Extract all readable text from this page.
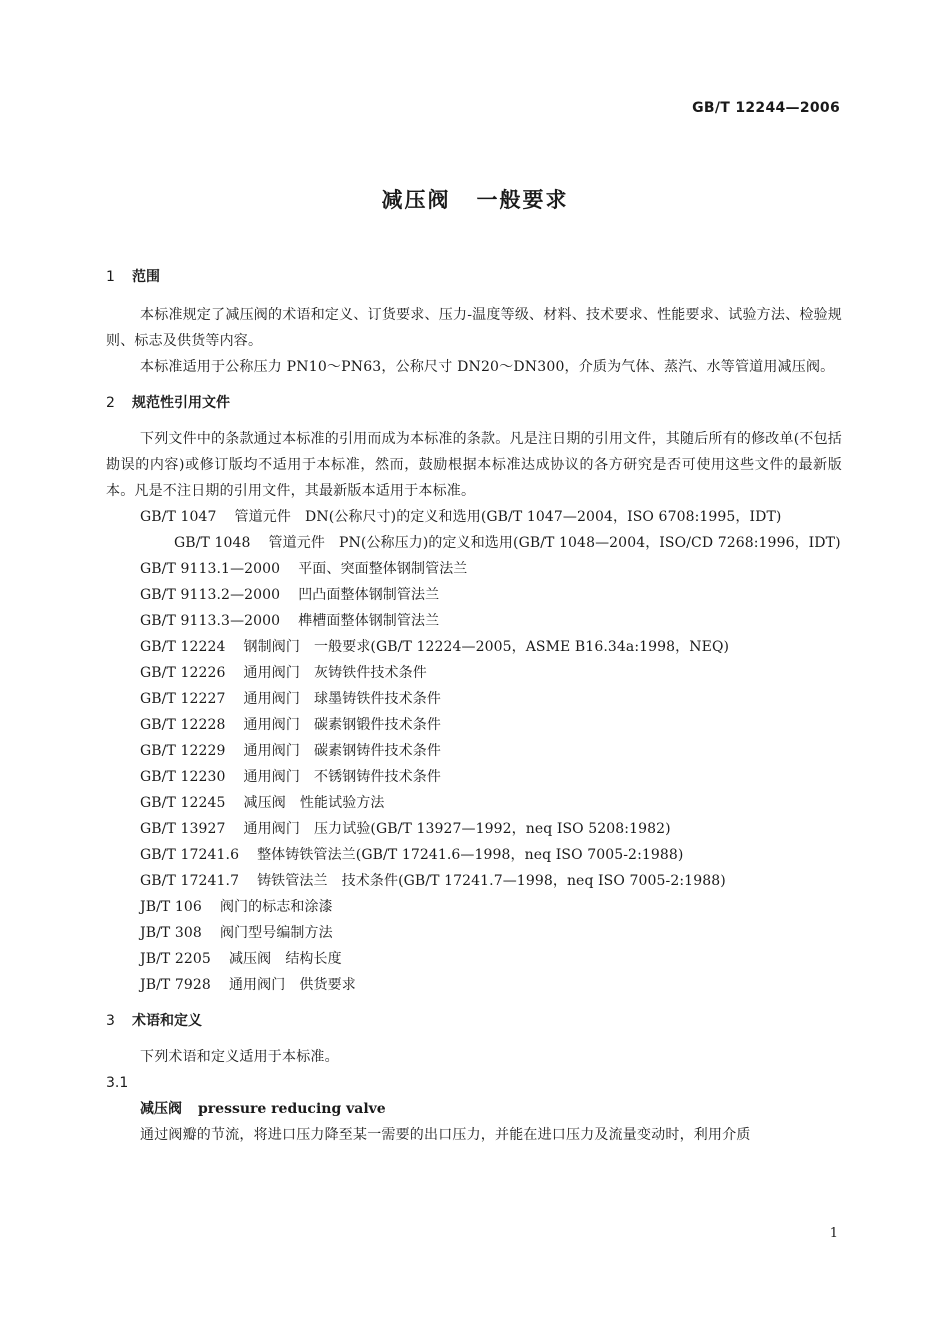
GB/T 12244—2006
减压阀 一般要求
1 范围
本标准规定了减压阀的术语和定义、订货要求、压力-温度等级、材料、技术要求、性能要求、试验方法、检验规则、标志及供货等内容。
本标准适用于公称压力 PN10～PN63，公称尺寸 DN20～DN300，介质为气体、蒸汽、水等管道用减压阀。
2 规范性引用文件
下列文件中的条款通过本标准的引用而成为本标准的条款。凡是注日期的引用文件，其随后所有的修改单(不包括勘误的内容)或修订版均不适用于本标准，然而，鼓励根据本标准达成协议的各方研究是否可使用这些文件的最新版本。凡是不注日期的引用文件，其最新版本适用于本标准。
GB/T 1047 管道元件　DN(公称尺寸)的定义和选用(GB/T 1047—2004，ISO 6708:1995，IDT)
GB/T 1048 管道元件　PN(公称压力)的定义和选用(GB/T 1048—2004，ISO/CD 7268:1996，IDT)
GB/T 9113.1—2000 平面、突面整体钢制管法兰
GB/T 9113.2—2000 凹凸面整体钢制管法兰
GB/T 9113.3—2000 榫槽面整体钢制管法兰
GB/T 12224 钢制阀门　一般要求(GB/T 12224—2005，ASME B16.34a:1998，NEQ)
GB/T 12226 通用阀门　灰铸铁件技术条件
GB/T 12227 通用阀门　球墨铸铁件技术条件
GB/T 12228 通用阀门　碳素钢锻件技术条件
GB/T 12229 通用阀门　碳素钢铸件技术条件
GB/T 12230 通用阀门　不锈钢铸件技术条件
GB/T 12245 减压阀　性能试验方法
GB/T 13927 通用阀门　压力试验(GB/T 13927—1992，neq ISO 5208:1982)
GB/T 17241.6 整体铸铁管法兰(GB/T 17241.6—1998，neq ISO 7005-2:1988)
GB/T 17241.7 铸铁管法兰　技术条件(GB/T 17241.7—1998，neq ISO 7005-2:1988)
JB/T 106 阀门的标志和涂漆
JB/T 308 阀门型号编制方法
JB/T 2205 减压阀　结构长度
JB/T 7928 通用阀门　供货要求
3 术语和定义
下列术语和定义适用于本标准。
3.1
减压阀 pressure reducing valve
通过阀瓣的节流，将进口压力降至某一需要的出口压力，并能在进口压力及流量变动时，利用介质
1
